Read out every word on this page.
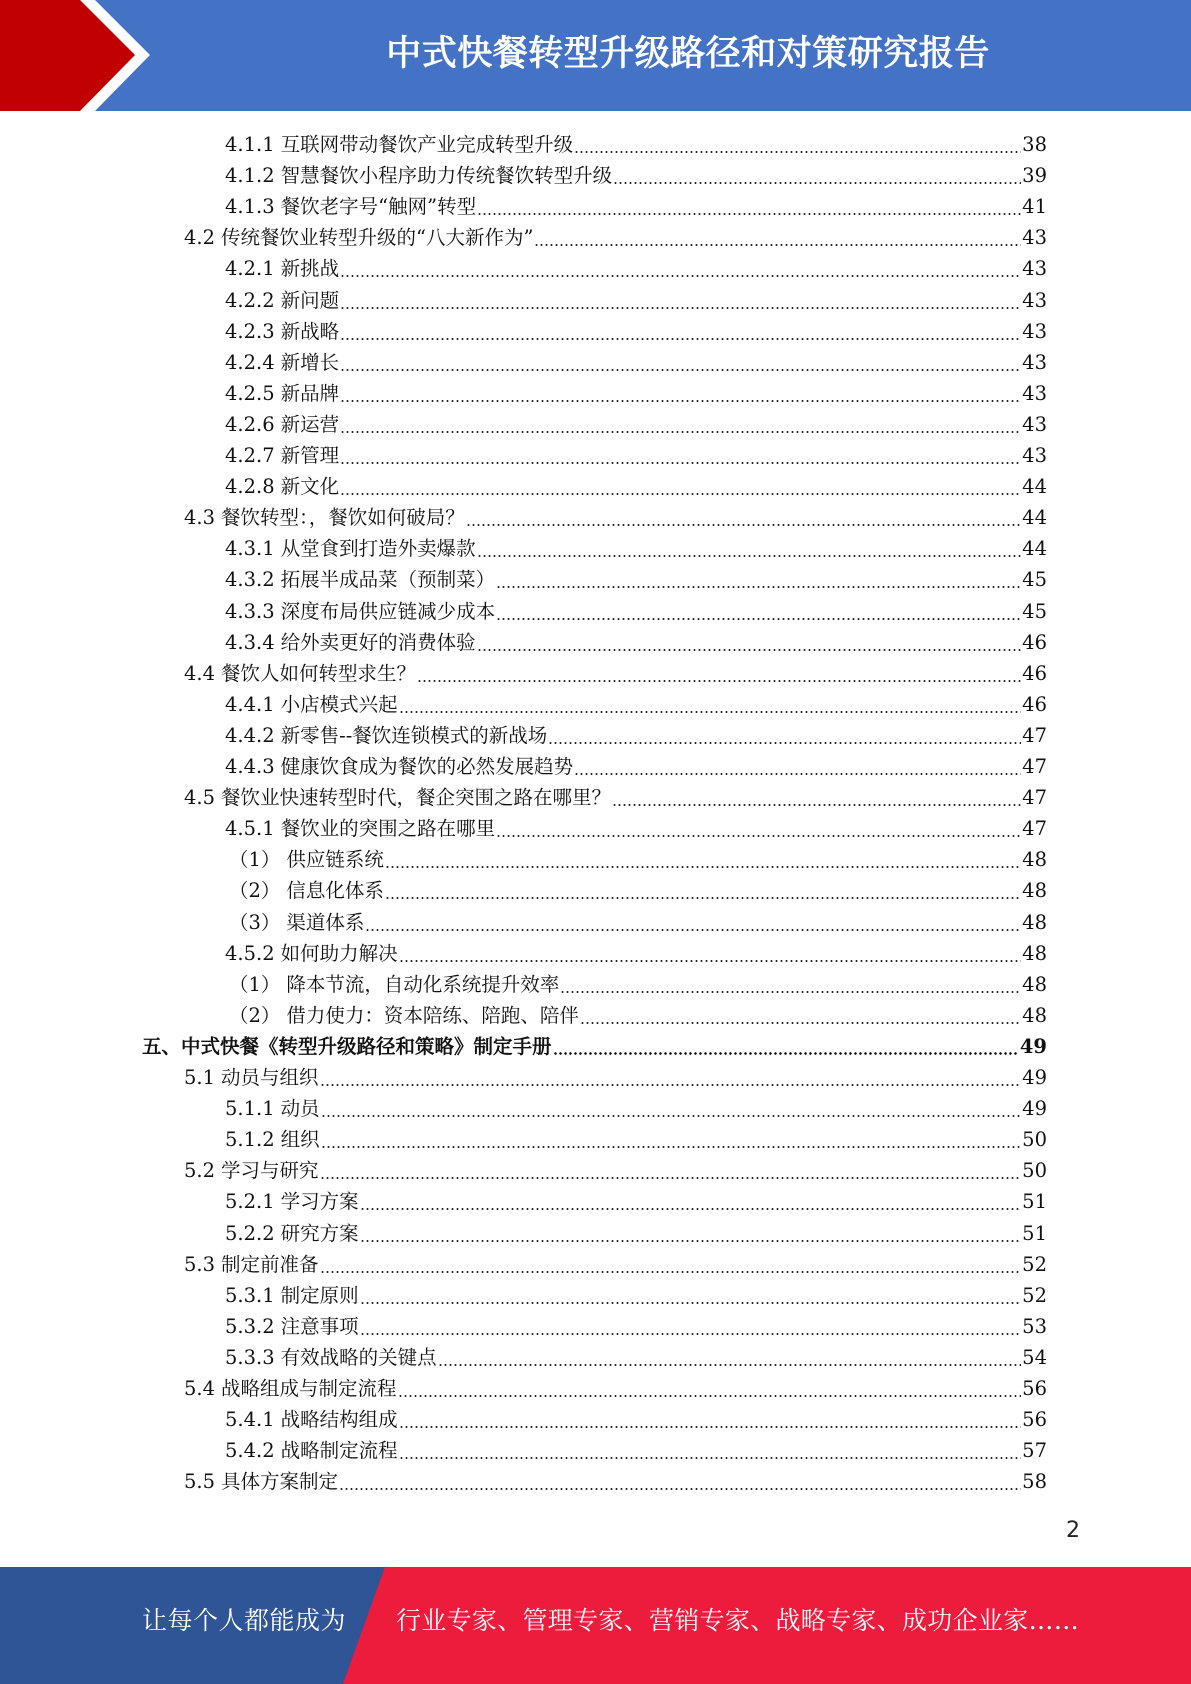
中式快餐转型升级路径和对策研究报告
4.1.1 互联网带动餐饮产业完成转型升级	38
4.1.2 智慧餐饮小程序助力传统餐饮转型升级	39
4.1.3 餐饮老字号“触网”转型	41
4.2 传统餐饮业转型升级的“八大新作为”	43
4.2.1 新挑战	43
4.2.2 新问题	43
4.2.3 新战略	43
4.2.4 新增长	43
4.2.5 新品牌	43
4.2.6 新运营	43
4.2.7 新管理	43
4.2.8 新文化	44
4.3 餐饮转型：，餐饮如何破局？	44
4.3.1 从堂食到打造外卖爆款	44
4.3.2 拓展半成品菜（预制菜）	45
4.3.3 深度布局供应链减少成本	45
4.3.4 给外卖更好的消费体验	46
4.4 餐饮人如何转型求生？	46
4.4.1 小店模式兴起	46
4.4.2 新零售--餐饮连锁模式的新战场	47
4.4.3 健康饮食成为餐饮的必然发展趋势	47
4.5 餐饮业快速转型时代，餐企突围之路在哪里？	47
4.5.1 餐饮业的突围之路在哪里	47
（1） 供应链系统	48
（2） 信息化体系	48
（3） 渠道体系	48
4.5.2 如何助力解决	48
（1） 降本节流，自动化系统提升效率	48
（2） 借力使力：资本陪练、陪跑、陪伴	48
五、 中式快餐《转型升级路径和策略》制定手册	49
5.1 动员与组织	49
5.1.1 动员	49
5.1.2 组织	50
5.2 学习与研究	50
5.2.1 学习方案	51
5.2.2 研究方案	51
5.3 制定前准备	52
5.3.1 制定原则	52
5.3.2 注意事项	53
5.3.3 有效战略的关键点	54
5.4 战略组成与制定流程	56
5.4.1 战略结构组成	56
5.4.2 战略制定流程	57
5.5 具体方案制定	58
2
让每个人都能成为 行业专家、管理专家、营销专家、战略专家、成功企业家……
